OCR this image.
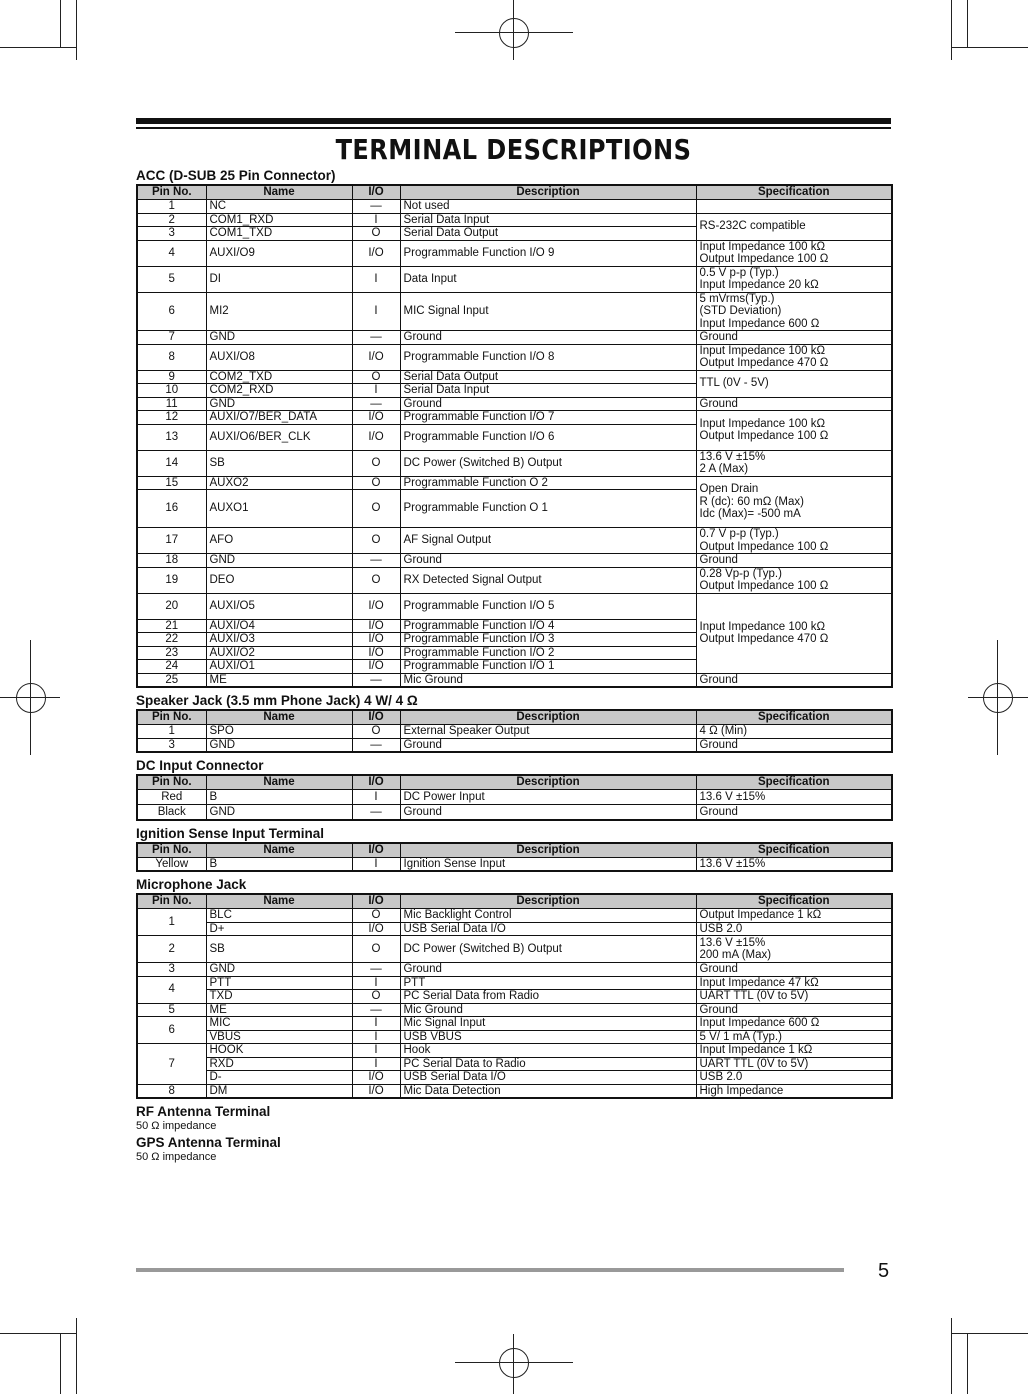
TERMINAL DESCRIPTIONS

ACC (D-SUB 25 Pin Connector)

Pin No.	Name	I/O	Description	Specification
1	NC	—	Not used	
2	COM1_RXD	I	Serial Data Input	RS-232C compatible
3	COM1_TXD	O	Serial Data Output	
4	AUXI/O9	I/O	Programmable Function I/O 9	Input Impedance 100 kΩ
Output Impedance 100 Ω
5	DI	I	Data Input	0.5 V p-p (Typ.)
Input Impedance 20 kΩ
6	MI2	I	MIC Signal Input	5 mVrms(Typ.)
(STD Deviation)
Input Impedance 600 Ω
7	GND	—	Ground	Ground
8	AUXI/O8	I/O	Programmable Function I/O 8	Input Impedance 100 kΩ
Output Impedance 470 Ω
9	COM2_TXD	O	Serial Data Output	TTL (0V - 5V)
10	COM2_RXD	I	Serial Data Input	
11	GND	—	Ground	Ground
12	AUXI/O7/BER_DATA	I/O	Programmable Function I/O 7	Input Impedance 100 kΩ
Output Impedance 100 Ω
13	AUXI/O6/BER_CLK	I/O	Programmable Function I/O 6	
14	SB	O	DC Power (Switched B) Output	13.6 V ±15%
2 A (Max)
15	AUXO2	O	Programmable Function O 2	Open Drain
R (dc): 60 mΩ (Max)
Idc (Max)= -500 mA
16	AUXO1	O	Programmable Function O 1	
17	AFO	O	AF Signal Output	0.7 V p-p (Typ.)
Output Impedance 100 Ω
18	GND	—	Ground	Ground
19	DEO	O	RX Detected Signal Output	0.28 Vp-p (Typ.)
Output Impedance 100 Ω
20	AUXI/O5	I/O	Programmable Function I/O 5	Input Impedance 100 kΩ
Output Impedance 470 Ω
21	AUXI/O4	I/O	Programmable Function I/O 4	
22	AUXI/O3	I/O	Programmable Function I/O 3	
23	AUXI/O2	I/O	Programmable Function I/O 2	
24	AUXI/O1	I/O	Programmable Function I/O 1	
25	ME	—	Mic Ground	Ground

Speaker Jack (3.5 mm Phone Jack) 4 W/ 4 Ω

Pin No.	Name	I/O	Description	Specification
1	SPO	O	External Speaker Output	4 Ω (Min)
3	GND	—	Ground	Ground

DC Input Connector

Pin No.	Name	I/O	Description	Specification
Red	B	I	DC Power Input	13.6 V ±15%
Black	GND	—	Ground	Ground

Ignition Sense Input Terminal

Pin No.	Name	I/O	Description	Specification
Yellow	B	I	Ignition Sense Input	13.6 V ±15%

Microphone Jack

Pin No.	Name	I/O	Description	Specification
1	BLC	O	Mic Backlight Control	Output Impedance 1 kΩ
	D+	I/O	USB Serial Data I/O	USB 2.0
2	SB	O	DC Power (Switched B) Output	13.6 V ±15%
200 mA (Max)
3	GND	—	Ground	Ground
4	PTT	I	PTT	Input Impedance 47 kΩ
	TXD	O	PC Serial Data from Radio	UART TTL (0V to 5V)
5	ME	—	Mic Ground	Ground
6	MIC	I	Mic Signal Input	Input Impedance 600 Ω
	VBUS	I	USB VBUS	5 V/ 1 mA (Typ.)
7	HOOK	I	Hook	Input Impedance 1 kΩ
	RXD	I	PC Serial Data to Radio	UART TTL (0V to 5V)
	D-	I/O	USB Serial Data I/O	USB 2.0
8	DM	I/O	Mic Data Detection	High Impedance

RF Antenna Terminal

50 Ω impedance

GPS Antenna Terminal

50 Ω impedance

5
